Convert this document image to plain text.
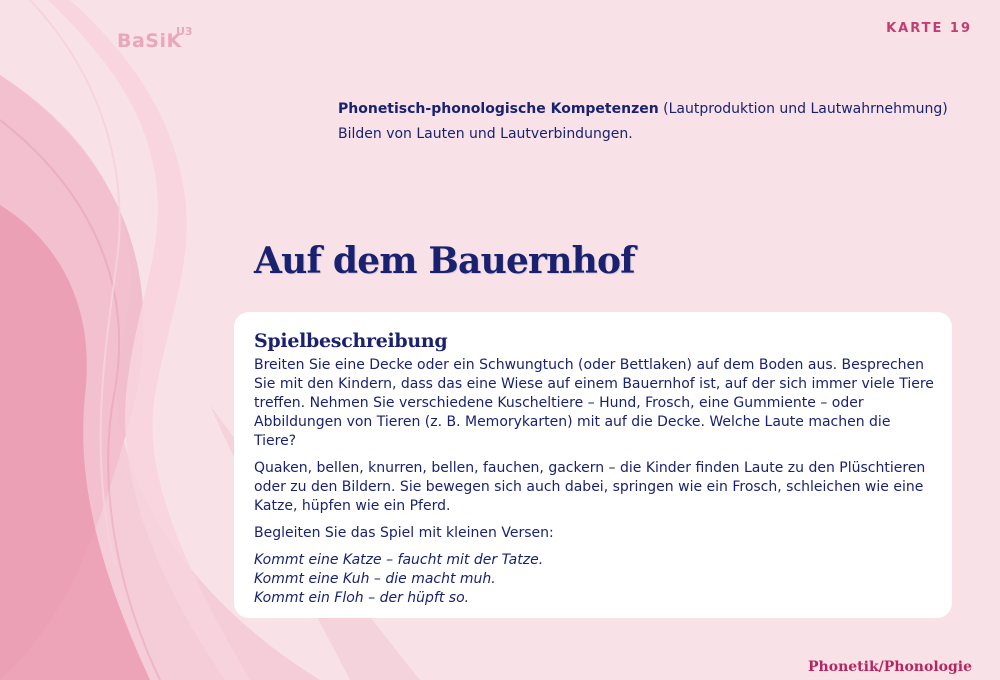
BaSiK
U3	KARTE 19
Phonetisch-phonologische Kompetenzen (Lautproduktion und Lautwahrnehmung)
Bilden von Lauten und Lautverbindungen.
Auf dem Bauernhof
Spielbeschreibung

Breiten Sie eine Decke oder ein Schwungtuch (oder Bettlaken) auf dem Boden aus. Besprechen Sie mit den Kindern, dass das eine Wiese auf einem Bauernhof ist, auf der sich immer viele Tiere treffen. Nehmen Sie verschiedene Kuscheltiere – Hund, Frosch, eine Gummiente – oder Abbildungen von Tieren (z. B. Memorykarten) mit auf die Decke. Welche Laute machen die Tiere?

Quaken, bellen, knurren, bellen, fauchen, gackern – die Kinder finden Laute zu den Plüschtieren oder zu den Bildern. Sie bewegen sich auch dabei, springen wie ein Frosch, schleichen wie eine Katze, hüpfen wie ein Pferd.

Begleiten Sie das Spiel mit kleinen Versen:

Kommt eine Katze – faucht mit der Tatze.

Kommt eine Kuh – die macht muh.

Kommt ein Floh – der hüpft so.

Phonetik/Phonologie
